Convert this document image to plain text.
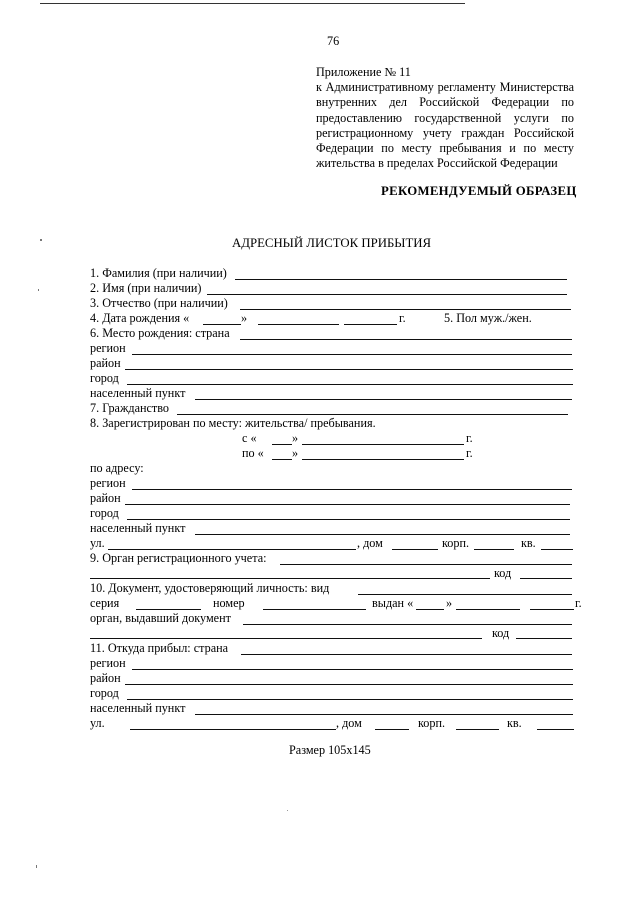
76
Приложение № 11
к Административному регламенту Министерства
внутренних дел Российской Федерации по
предоставлению государственной услуги по
регистрационному учету граждан Российской
Федерации по месту пребывания и по месту
жительства в пределах Российской Федерации
РЕКОМЕНДУЕМЫЙ ОБРАЗЕЦ
АДРЕСНЫЙ ЛИСТОК ПРИБЫТИЯ
1. Фамилия (при наличии)
2. Имя (при наличии)
3. Отчество (при наличии)
4. Дата рождения «	»	г.	5. Пол муж./жен.
6. Место рождения: страна
регион
район
город
населенный пункт
7. Гражданство
8. Зарегистрирован по месту: жительства/ пребывания.
с «	»	г.
по « »	г.
по адресу:
регион
район
город
населенный пункт
ул.	, дом	корп.	кв.
9. Орган регистрационного учета:
код
10. Документ, удостоверяющий личность: вид
серия	номер	выдан «	»	г.
орган, выдавший документ
код
11. Откуда прибыл: страна
регион
район
город
населенный пункт
ул.	, дом	корп.	кв.
Размер 105х145
